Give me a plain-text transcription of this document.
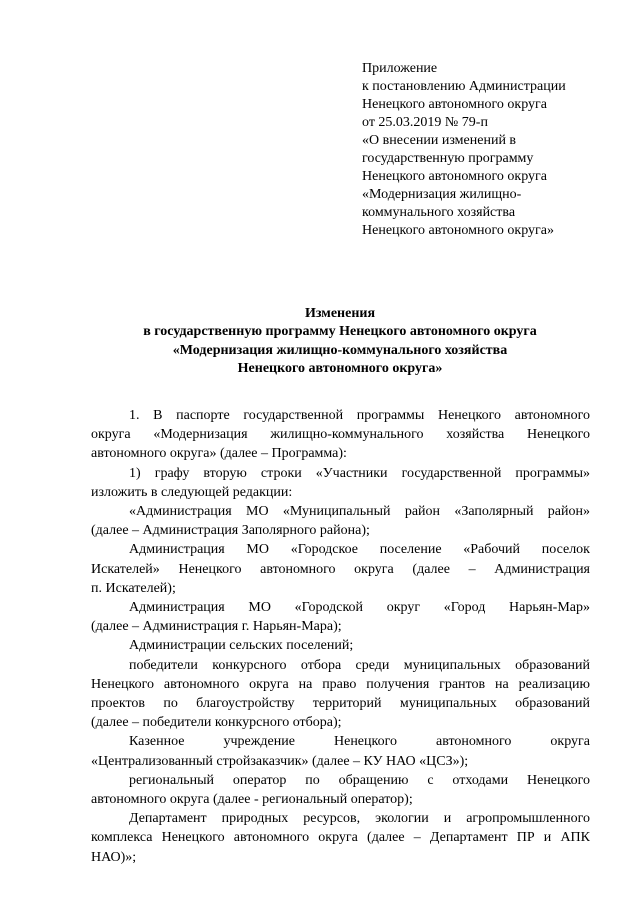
Приложение
к постановлению Администрации
Ненецкого автономного округа
от 25.03.2019 № 79-п
«О внесении изменений в
государственную программу
Ненецкого автономного округа
«Модернизация жилищно-
коммунального хозяйства
Ненецкого автономного округа»
Изменения
в государственную программу Ненецкого автономного округа
«Модернизация жилищно-коммунального хозяйства
Ненецкого автономного округа»

1. В паспорте государственной программы Ненецкого автономного
округа «Модернизация жилищно-коммунального хозяйства Ненецкого
автономного округа» (далее – Программа):

1) графу вторую строки «Участники государственной программы»
изложить в следующей редакции:

«Администрация МО «Муниципальный район «Заполярный район»
(далее – Администрация Заполярного района);

Администрация МО «Городское поселение «Рабочий поселок
Искателей» Ненецкого автономного округа (далее – Администрация
п. Искателей);

Администрация МО «Городской округ «Город Нарьян-Мар»
(далее – Администрация г. Нарьян-Мара);

Администрации сельских поселений;

победители конкурсного отбора среди муниципальных образований
Ненецкого автономного округа на право получения грантов на реализацию
проектов по благоустройству территорий муниципальных образований
(далее – победители конкурсного отбора);

Казенное учреждение Ненецкого автономного округа
«Централизованный стройзаказчик» (далее – КУ НАО «ЦСЗ»);

региональный оператор по обращению с отходами Ненецкого
автономного округа (далее - региональный оператор);

Департамент природных ресурсов, экологии и агропромышленного
комплекса Ненецкого автономного округа (далее – Департамент ПР и АПК
НАО)»;
